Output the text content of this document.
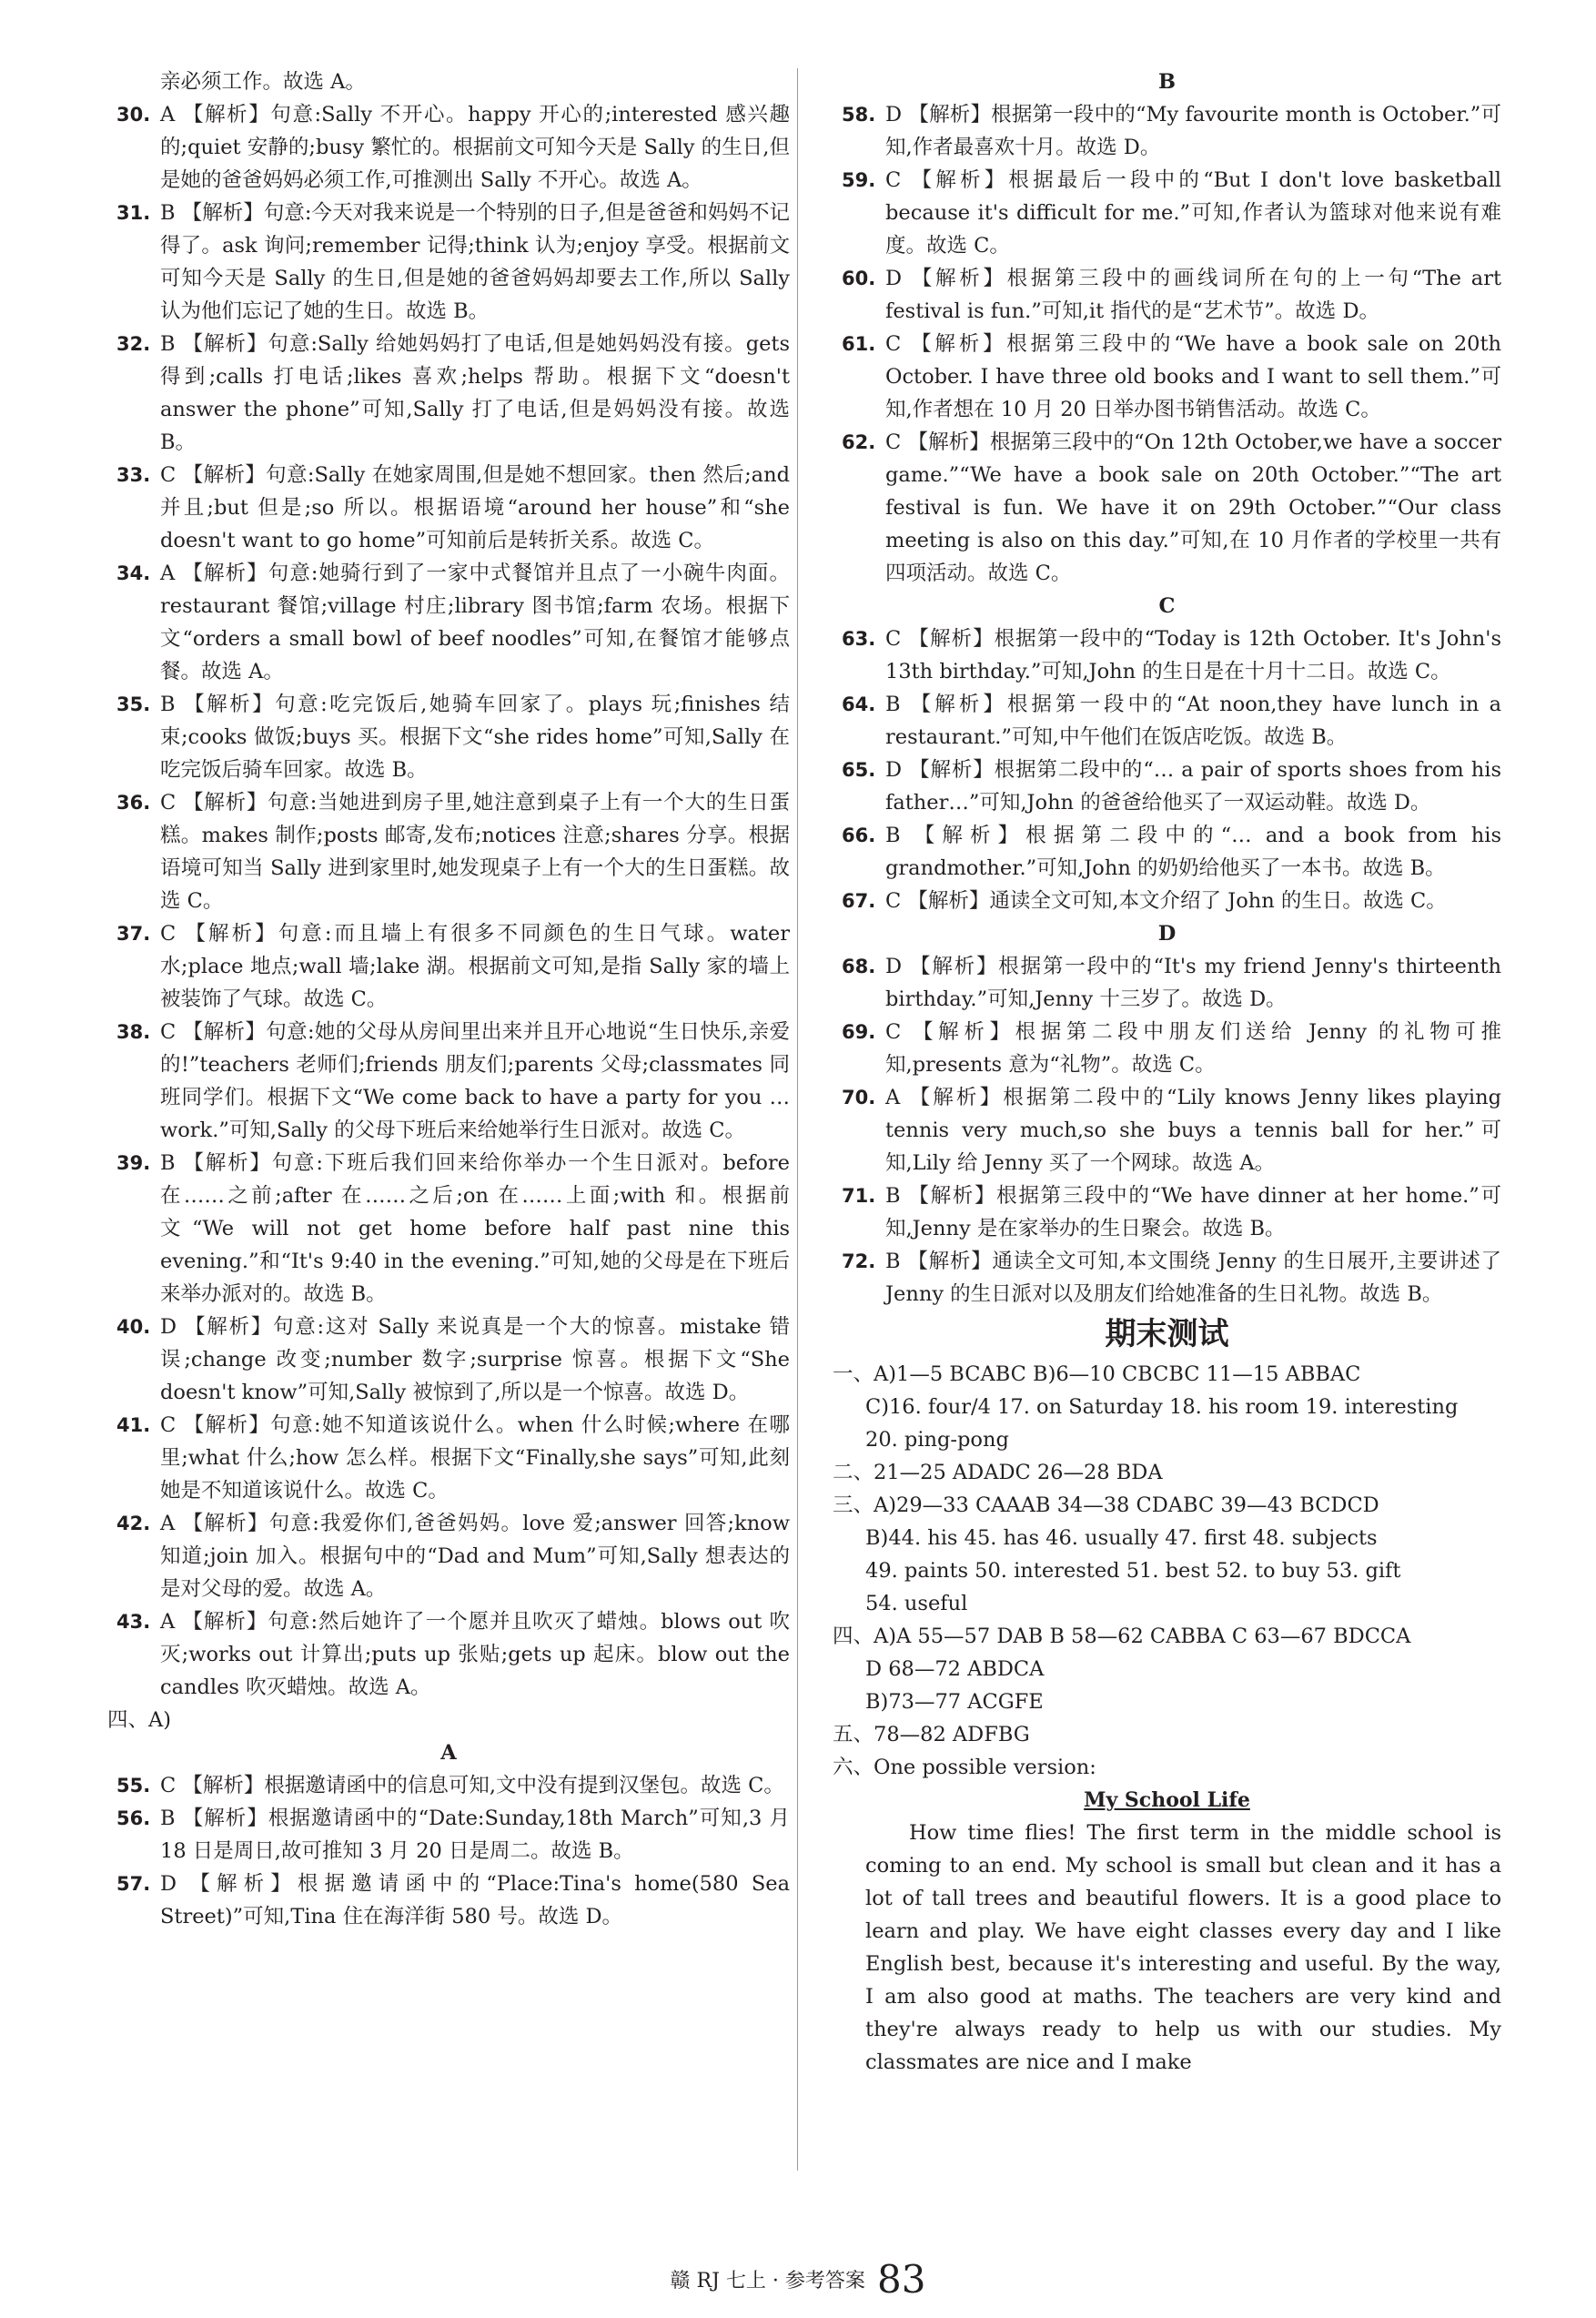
亲必须工作。故选 A。
30. A 【解析】句意:Sally 不开心。happy 开心的;interested 感兴趣的;quiet 安静的;busy 繁忙的。根据前文可知今天是 Sally 的生日,但是她的爸爸妈妈必须工作,可推测出 Sally 不开心。故选 A。
31. B 【解析】句意:今天对我来说是一个特别的日子,但是爸爸和妈妈不记得了。ask 询问;remember 记得;think 认为;enjoy 享受。根据前文可知今天是 Sally 的生日,但是她的爸爸妈妈却要去工作,所以 Sally 认为他们忘记了她的生日。故选 B。
32. B 【解析】句意:Sally 给她妈妈打了电话,但是她妈妈没有接。gets 得到;calls 打电话;likes 喜欢;helps 帮助。根据下文“doesn't answer the phone”可知,Sally 打了电话,但是妈妈没有接。故选 B。
33. C 【解析】句意:Sally 在她家周围,但是她不想回家。then 然后;and 并且;but 但是;so 所以。根据语境“around her house”和“she doesn't want to go home”可知前后是转折关系。故选 C。
34. A 【解析】句意:她骑行到了一家中式餐馆并且点了一小碗牛肉面。restaurant 餐馆;village 村庄;library 图书馆;farm 农场。根据下文“orders a small bowl of beef noodles”可知,在餐馆才能够点餐。故选 A。
35. B 【解析】句意:吃完饭后,她骑车回家了。plays 玩;finishes 结束;cooks 做饭;buys 买。根据下文“she rides home”可知,Sally 在吃完饭后骑车回家。故选 B。
36. C 【解析】句意:当她进到房子里,她注意到桌子上有一个大的生日蛋糕。makes 制作;posts 邮寄,发布;notices 注意;shares 分享。根据语境可知当 Sally 进到家里时,她发现桌子上有一个大的生日蛋糕。故选 C。
37. C 【解析】句意:而且墙上有很多不同颜色的生日气球。water 水;place 地点;wall 墙;lake 湖。根据前文可知,是指 Sally 家的墙上被装饰了气球。故选 C。
38. C 【解析】句意:她的父母从房间里出来并且开心地说“生日快乐,亲爱的!”teachers 老师们;friends 朋友们;parents 父母;classmates 同班同学们。根据下文“We come back to have a party for you … work.”可知,Sally 的父母下班后来给她举行生日派对。故选 C。
39. B 【解析】句意:下班后我们回来给你举办一个生日派对。before 在……之前;after 在……之后;on 在……上面;with 和。根据前文“We will not get home before half past nine this evening.”和“It's 9:40 in the evening.”可知,她的父母是在下班后来举办派对的。故选 B。
40. D 【解析】句意:这对 Sally 来说真是一个大的惊喜。mistake 错误;change 改变;number 数字;surprise 惊喜。根据下文“She doesn't know”可知,Sally 被惊到了,所以是一个惊喜。故选 D。
41. C 【解析】句意:她不知道该说什么。when 什么时候;where 在哪里;what 什么;how 怎么样。根据下文“Finally,she says”可知,此刻她是不知道该说什么。故选 C。
42. A 【解析】句意:我爱你们,爸爸妈妈。love 爱;answer 回答;know 知道;join 加入。根据句中的“Dad and Mum”可知,Sally 想表达的是对父母的爱。故选 A。
43. A 【解析】句意:然后她许了一个愿并且吹灭了蜡烛。blows out 吹灭;works out 计算出;puts up 张贴;gets up 起床。blow out the candles 吹灭蜡烛。故选 A。
四、A)
A
55. C 【解析】根据邀请函中的信息可知,文中没有提到汉堡包。故选 C。
56. B 【解析】根据邀请函中的“Date:Sunday,18th March”可知,3 月 18 日是周日,故可推知 3 月 20 日是周二。故选 B。
57. D 【解析】根据邀请函中的“Place:Tina's home(580 Sea Street)”可知,Tina 住在海洋街 580 号。故选 D。
B
58. D 【解析】根据第一段中的“My favourite month is October.”可知,作者最喜欢十月。故选 D。
59. C 【解析】根据最后一段中的“But I don't love basketball because it's difficult for me.”可知,作者认为篮球对他来说有难度。故选 C。
60. D 【解析】根据第三段中的画线词所在句的上一句“The art festival is fun.”可知,it 指代的是“艺术节”。故选 D。
61. C 【解析】根据第三段中的“We have a book sale on 20th October. I have three old books and I want to sell them.”可知,作者想在 10 月 20 日举办图书销售活动。故选 C。
62. C 【解析】根据第三段中的“On 12th October,we have a soccer game.”“We have a book sale on 20th October.”“The art festival is fun. We have it on 29th October.”“Our class meeting is also on this day.”可知,在 10 月作者的学校里一共有四项活动。故选 C。
C
63. C 【解析】根据第一段中的“Today is 12th October. It's John's 13th birthday.”可知,John 的生日是在十月十二日。故选 C。
64. B 【解析】根据第一段中的“At noon,they have lunch in a restaurant.”可知,中午他们在饭店吃饭。故选 B。
65. D 【解析】根据第二段中的“… a pair of sports shoes from his father…”可知,John 的爸爸给他买了一双运动鞋。故选 D。
66. B 【解析】根据第二段中的“… and a book from his grandmother.”可知,John 的奶奶给他买了一本书。故选 B。
67. C 【解析】通读全文可知,本文介绍了 John 的生日。故选 C。
D
68. D 【解析】根据第一段中的“It's my friend Jenny's thirteenth birthday.”可知,Jenny 十三岁了。故选 D。
69. C 【解析】根据第二段中朋友们送给 Jenny 的礼物可推知,presents 意为“礼物”。故选 C。
70. A 【解析】根据第二段中的“Lily knows Jenny likes playing tennis very much,so she buys a tennis ball for her.”可知,Lily 给 Jenny 买了一个网球。故选 A。
71. B 【解析】根据第三段中的“We have dinner at her home.”可知,Jenny 是在家举办的生日聚会。故选 B。
72. B 【解析】通读全文可知,本文围绕 Jenny 的生日展开,主要讲述了 Jenny 的生日派对以及朋友们给她准备的生日礼物。故选 B。
期末测试
一、A)1—5 BCABC B)6—10 CBCBC 11—15 ABBAC
C)16. four/4 17. on Saturday 18. his room 19. interesting
20. ping-pong
二、21—25 ADADC 26—28 BDA
三、A)29—33 CAAAB 34—38 CDABC 39—43 BCDCD
B)44. his 45. has 46. usually 47. first 48. subjects
49. paints 50. interested 51. best 52. to buy 53. gift
54. useful
四、A)A 55—57 DAB B 58—62 CABBA C 63—67 BDCCA
D 68—72 ABDCA
B)73—77 ACGFE
五、78—82 ADFBG
六、One possible version:
My School Life
How time flies! The first term in the middle school is coming to an end. My school is small but clean and it has a lot of tall trees and beautiful flowers. It is a good place to learn and play. We have eight classes every day and I like English best, because it's interesting and useful. By the way, I am also good at maths. The teachers are very kind and they're always ready to help us with our studies. My classmates are nice and I make
赣 RJ 七上 · 参考答案 83
